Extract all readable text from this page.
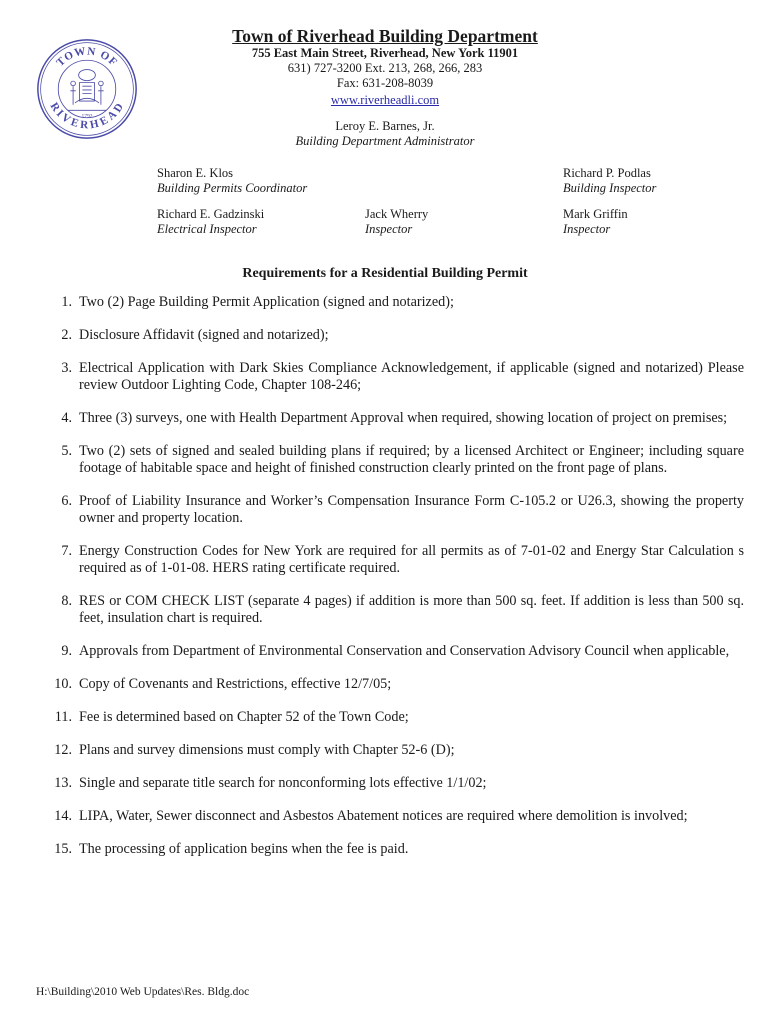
TOWN OF
RIVERHEAD
1792
Town of Riverhead Building Department
755 East Main Street, Riverhead, New York 11901
631) 727-3200 Ext. 213, 268, 266, 283
Fax: 631-208-8039
www.riverheadli.com
Leroy E. Barnes, Jr.
Building Department Administrator
Sharon E. Klos
Building Permits Coordinator
Richard P. Podlas
Building Inspector
Richard E. Gadzinski
Electrical Inspector
Jack Wherry
Inspector
Mark Griffin
Inspector
Requirements for a Residential Building Permit
1. Two (2) Page Building Permit Application (signed and notarized);
2. Disclosure Affidavit (signed and notarized);
3. Electrical Application with Dark Skies Compliance Acknowledgement, if applicable (signed and notarized) Please review Outdoor Lighting Code, Chapter 108-246;
4. Three (3) surveys, one with Health Department Approval when required, showing location of project on premises;
5. Two (2) sets of signed and sealed building plans if required; by a licensed Architect or Engineer; including square footage of habitable space and height of finished construction clearly printed on the front page of plans.
6. Proof of Liability Insurance and Worker’s Compensation Insurance Form C-105.2 or U26.3, showing the property owner and property location.
7. Energy Construction Codes for New York are required for all permits as of 7-01-02 and Energy Star Calculation s required as of 1-01-08. HERS rating certificate required.
8. RES or COM CHECK LIST (separate 4 pages) if addition is more than 500 sq. feet. If addition is less than 500 sq. feet, insulation chart is required.
9. Approvals from Department of Environmental Conservation and Conservation Advisory Council when applicable,
10. Copy of Covenants and Restrictions, effective 12/7/05;
11. Fee is determined based on Chapter 52 of the Town Code;
12. Plans and survey dimensions must comply with Chapter 52-6 (D);
13. Single and separate title search for nonconforming lots effective 1/1/02;
14. LIPA, Water, Sewer disconnect and Asbestos Abatement notices are required where demolition is involved;
15. The processing of application begins when the fee is paid.
H:\Building\2010 Web Updates\Res. Bldg.doc
